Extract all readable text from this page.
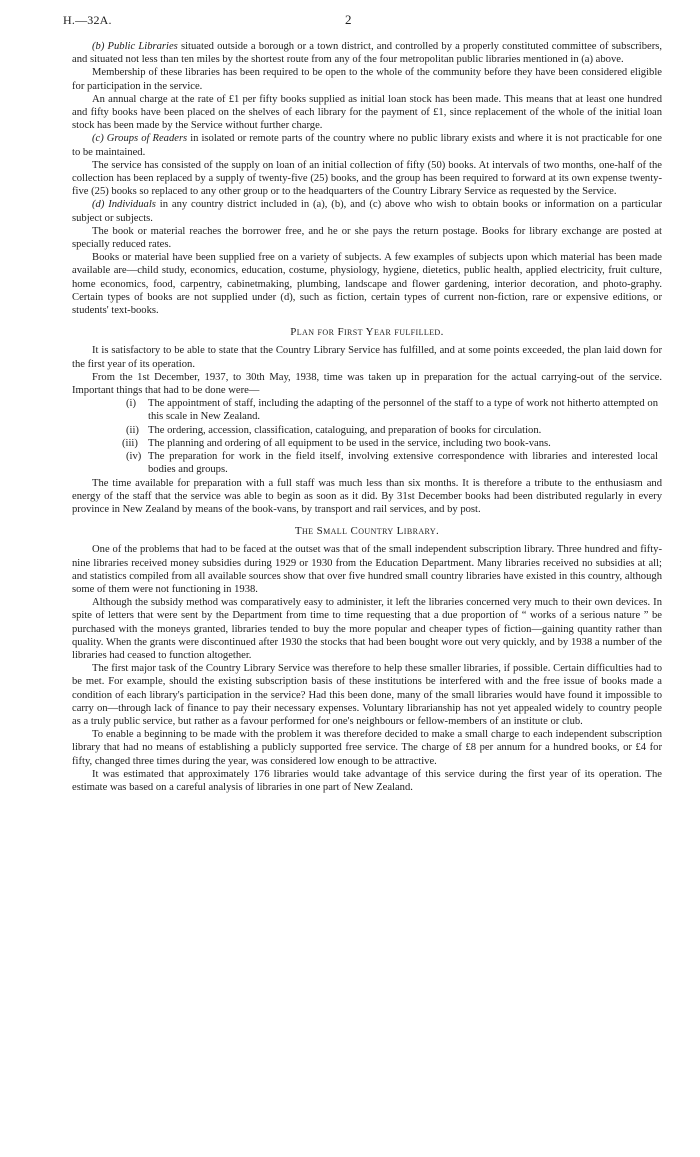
H.—32A.	2

(b) Public Libraries situated outside a borough or a town district, and controlled by a properly constituted committee of subscribers, and situated not less than ten miles by the shortest route from any of the four metropolitan public libraries mentioned in (a) above.

Membership of these libraries has been required to be open to the whole of the community before they have been considered eligible for participation in the service.

An annual charge at the rate of £1 per fifty books supplied as initial loan stock has been made. This means that at least one hundred and fifty books have been placed on the shelves of each library for the payment of £1, since replacement of the whole of the initial loan stock has been made by the Service without further charge.

(c) Groups of Readers in isolated or remote parts of the country where no public library exists and where it is not practicable for one to be maintained.

The service has consisted of the supply on loan of an initial collection of fifty (50) books. At intervals of two months, one-half of the collection has been replaced by a supply of twenty-five (25) books, and the group has been required to forward at its own expense twenty-five (25) books so replaced to any other group or to the headquarters of the Country Library Service as requested by the Service.

(d) Individuals in any country district included in (a), (b), and (c) above who wish to obtain books or information on a particular subject or subjects.

The book or material reaches the borrower free, and he or she pays the return postage. Books for library exchange are posted at specially reduced rates.

Books or material have been supplied free on a variety of subjects. A few examples of subjects upon which material has been made available are—child study, economics, education, costume, physiology, hygiene, dietetics, public health, applied electricity, fruit culture, home economics, food, carpentry, cabinetmaking, plumbing, landscape and flower gardening, interior decoration, and photo-graphy. Certain types of books are not supplied under (d), such as fiction, certain types of current non-fiction, rare or expensive editions, or students' text-books.

Plan for First Year fulfilled.

It is satisfactory to be able to state that the Country Library Service has fulfilled, and at some points exceeded, the plan laid down for the first year of its operation.

From the 1st December, 1937, to 30th May, 1938, time was taken up in preparation for the actual carrying-out of the service. Important things that had to be done were—

(i) The appointment of staff, including the adapting of the personnel of the staff to a type of work not hitherto attempted on this scale in New Zealand.
(ii) The ordering, accession, classification, cataloguing, and preparation of books for circulation.
(iii) The planning and ordering of all equipment to be used in the service, including two book-vans.
(iv) The preparation for work in the field itself, involving extensive correspondence with libraries and interested local bodies and groups.

The time available for preparation with a full staff was much less than six months. It is therefore a tribute to the enthusiasm and energy of the staff that the service was able to begin as soon as it did. By 31st December books had been distributed regularly in every province in New Zealand by means of the book-vans, by transport and rail services, and by post.

The Small Country Library.

One of the problems that had to be faced at the outset was that of the small independent subscription library. Three hundred and fifty-nine libraries received money subsidies during 1929 or 1930 from the Education Department. Many libraries received no subsidies at all; and statistics compiled from all available sources show that over five hundred small country libraries have existed in this country, although some of them were not functioning in 1938.

Although the subsidy method was comparatively easy to administer, it left the libraries concerned very much to their own devices. In spite of letters that were sent by the Department from time to time requesting that a due proportion of “ works of a serious nature ” be purchased with the moneys granted, libraries tended to buy the more popular and cheaper types of fiction—gaining quantity rather than quality. When the grants were discontinued after 1930 the stocks that had been bought wore out very quickly, and by 1938 a number of the libraries had ceased to function altogether.

The first major task of the Country Library Service was therefore to help these smaller libraries, if possible. Certain difficulties had to be met. For example, should the existing subscription basis of these institutions be interfered with and the free issue of books made a condition of each library's participation in the service? Had this been done, many of the small libraries would have found it impossible to carry on—through lack of finance to pay their necessary expenses. Voluntary librarianship has not yet appealed widely to country people as a truly public service, but rather as a favour performed for one's neighbours or fellow-members of an institute or club.

To enable a beginning to be made with the problem it was therefore decided to make a small charge to each independent subscription library that had no means of establishing a publicly supported free service. The charge of £8 per annum for a hundred books, or £4 for fifty, changed three times during the year, was considered low enough to be attractive.

It was estimated that approximately 176 libraries would take advantage of this service during the first year of its operation. The estimate was based on a careful analysis of libraries in one part of New Zealand.
